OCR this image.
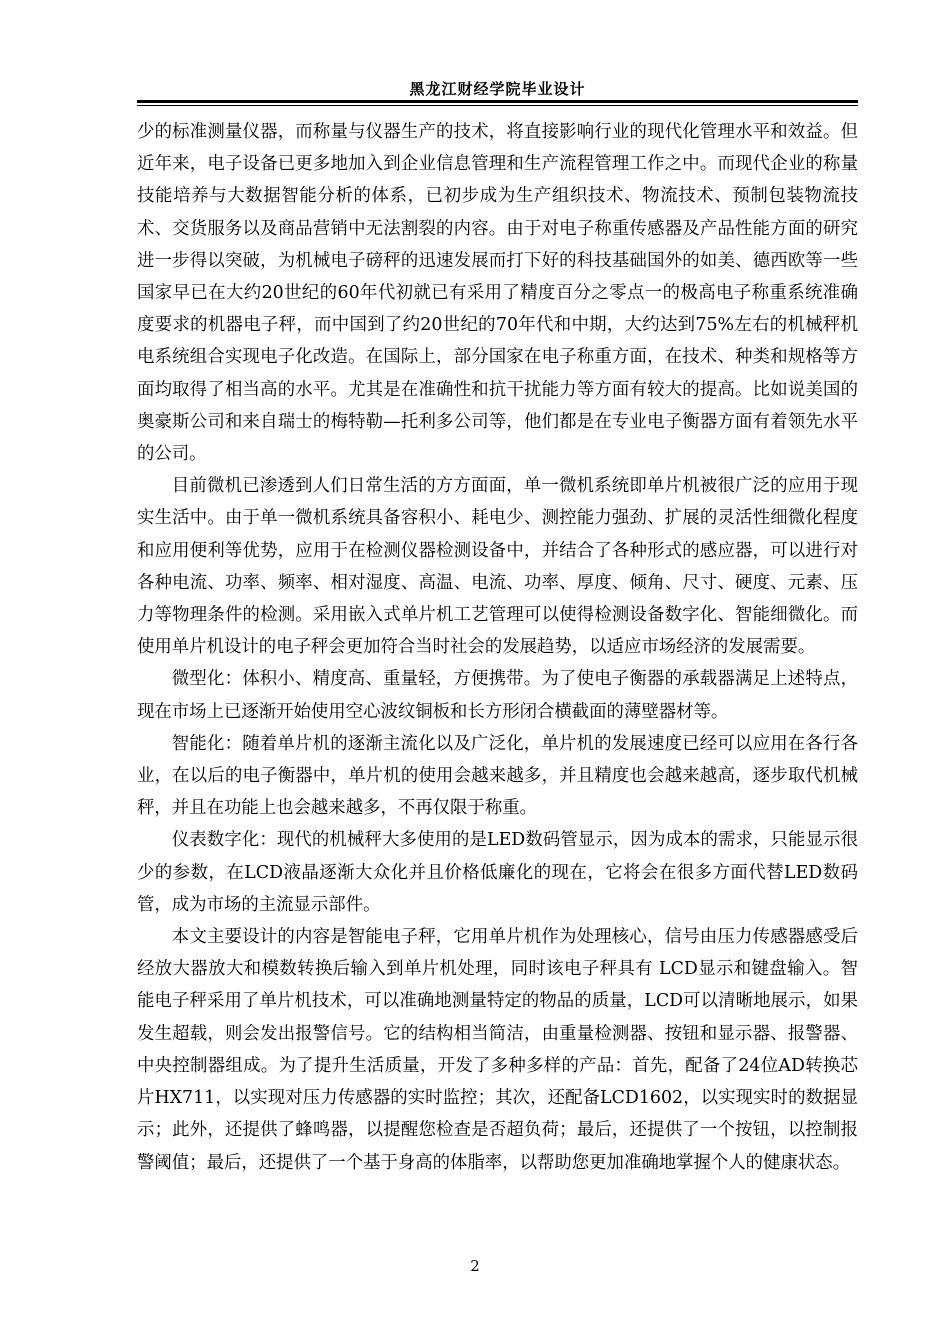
黑龙江财经学院毕业设计

少的标准测量仪器，而称量与仪器生产的技术，将直接影响行业的现代化管理水平和效益。但近年来，电子设备已更多地加入到企业信息管理和生产流程管理工作之中。而现代企业的称量技能培养与大数据智能分析的体系，已初步成为生产组织技术、物流技术、预制包装物流技术、交货服务以及商品营销中无法割裂的内容。由于对电子称重传感器及产品性能方面的研究进一步得以突破，为机械电子磅秤的迅速发展而打下好的科技基础国外的如美、德西欧等一些国家早已在大约20世纪的60年代初就已有采用了精度百分之零点一的极高电子称重系统准确度要求的机器电子秤，而中国到了约20世纪的70年代和中期，大约达到75%左右的机械秤机电系统组合实现电子化改造。在国际上，部分国家在电子称重方面，在技术、种类和规格等方面均取得了相当高的水平。尤其是在准确性和抗干扰能力等方面有较大的提高。比如说美国的奥豪斯公司和来自瑞士的梅特勒—托利多公司等，他们都是在专业电子衡器方面有着领先水平的公司。

目前微机已渗透到人们日常生活的方方面面，单一微机系统即单片机被很广泛的应用于现实生活中。由于单一微机系统具备容积小、耗电少、测控能力强劲、扩展的灵活性细微化程度和应用便利等优势，应用于在检测仪器检测设备中，并结合了各种形式的感应器，可以进行对各种电流、功率、频率、相对湿度、高温、电流、功率、厚度、倾角、尺寸、硬度、元素、压力等物理条件的检测。采用嵌入式单片机工艺管理可以使得检测设备数字化、智能细微化。而使用单片机设计的电子秤会更加符合当时社会的发展趋势，以适应市场经济的发展需要。

微型化：体积小、精度高、重量轻，方便携带。为了使电子衡器的承载器满足上述特点，现在市场上已逐渐开始使用空心波纹铜板和长方形闭合横截面的薄壁器材等。

智能化：随着单片机的逐渐主流化以及广泛化，单片机的发展速度已经可以应用在各行各业，在以后的电子衡器中，单片机的使用会越来越多，并且精度也会越来越高，逐步取代机械秤，并且在功能上也会越来越多，不再仅限于称重。

仪表数字化：现代的机械秤大多使用的是LED数码管显示，因为成本的需求，只能显示很少的参数，在LCD液晶逐渐大众化并且价格低廉化的现在，它将会在很多方面代替LED数码管，成为市场的主流显示部件。

本文主要设计的内容是智能电子秤，它用单片机作为处理核心，信号由压力传感器感受后经放大器放大和模数转换后输入到单片机处理，同时该电子秤具有 LCD显示和键盘输入。智能电子秤采用了单片机技术，可以准确地测量特定的物品的质量，LCD可以清晰地展示，如果发生超载，则会发出报警信号。它的结构相当简洁，由重量检测器、按钮和显示器、报警器、中央控制器组成。为了提升生活质量，开发了多种多样的产品：首先，配备了24位AD转换芯片HX711，以实现对压力传感器的实时监控；其次，还配备LCD1602，以实现实时的数据显示；此外，还提供了蜂鸣器，以提醒您检查是否超负荷；最后，还提供了一个按钮，以控制报警阈值；最后，还提供了一个基于身高的体脂率，以帮助您更加准确地掌握个人的健康状态。

2
